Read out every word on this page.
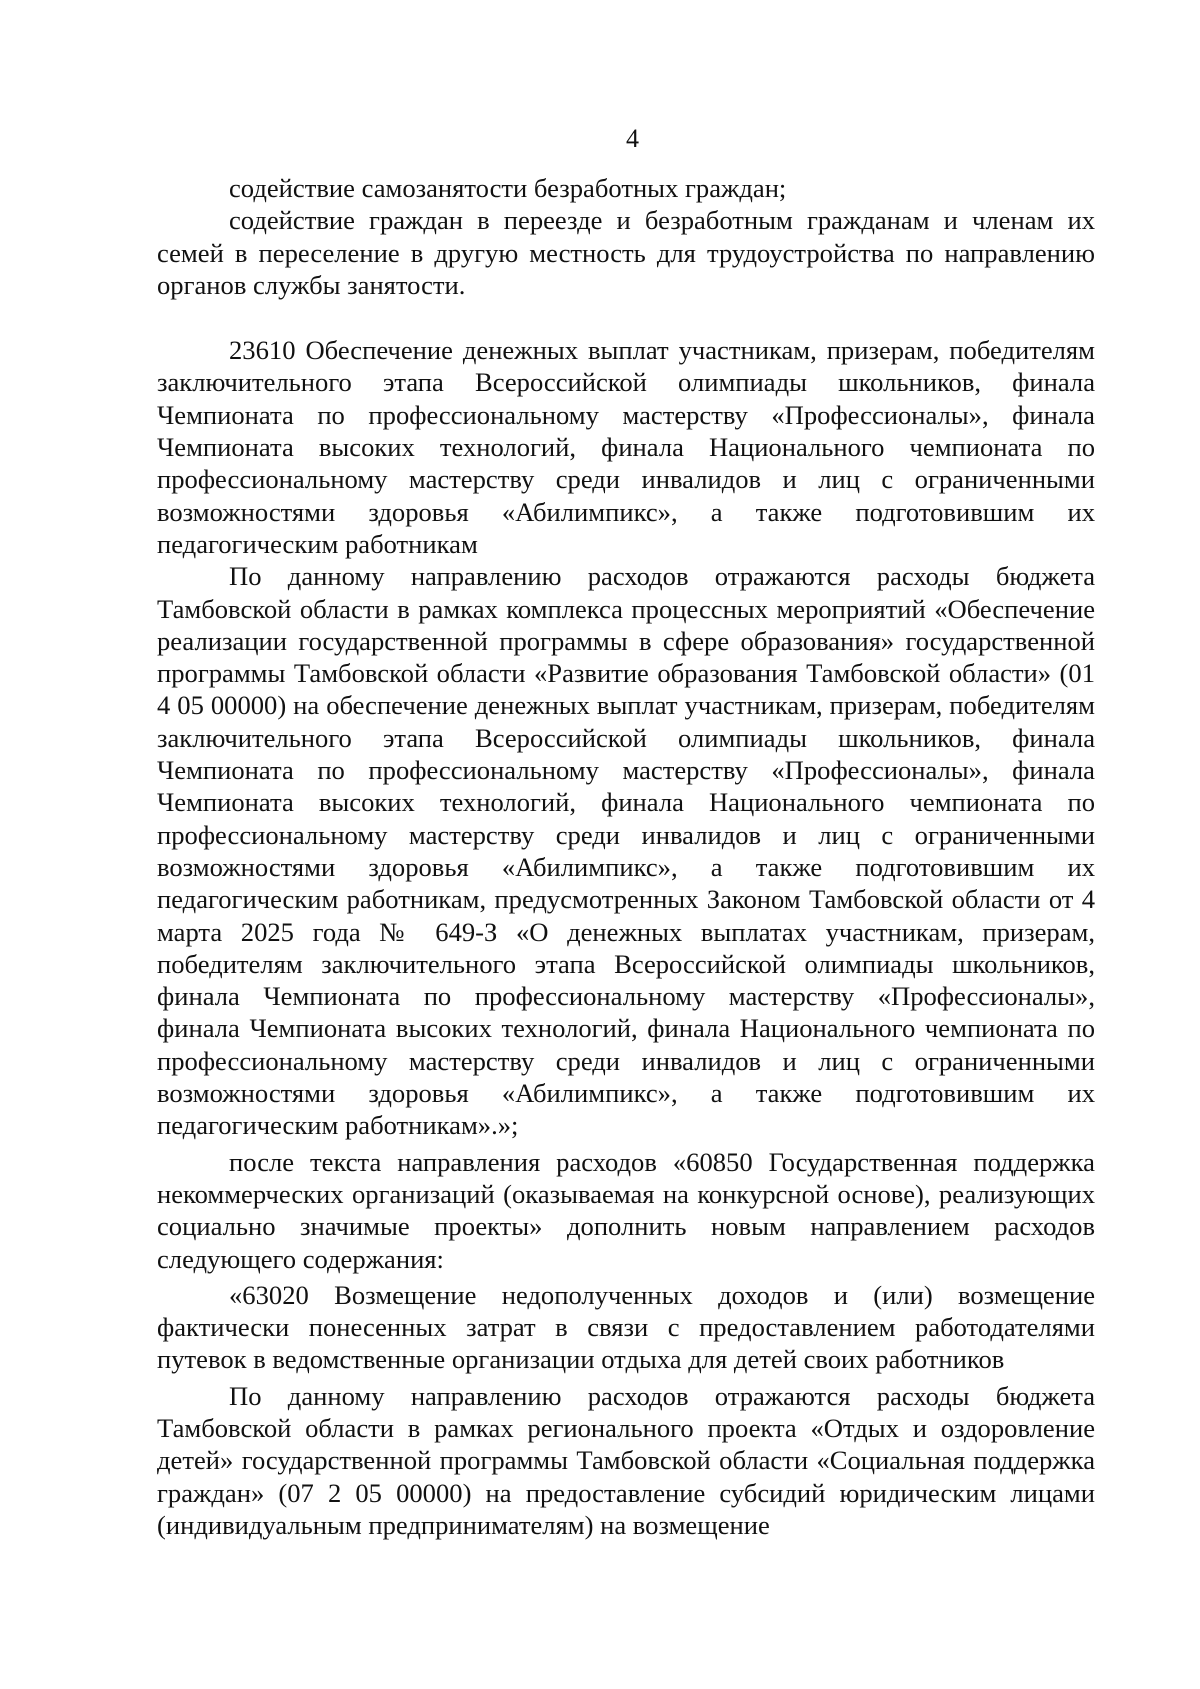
4

содействие самозанятости безработных граждан;

содействие граждан в переезде и безработным гражданам и членам их семей в переселение в другую местность для трудоустройства по направлению органов службы занятости.

23610 Обеспечение денежных выплат участникам, призерам, победителям заключительного этапа Всероссийской олимпиады школьников, финала Чемпионата по профессиональному мастерству «Профессионалы», финала Чемпионата высоких технологий, финала Национального чемпионата по профессиональному мастерству среди инвалидов и лиц с ограниченными возможностями здоровья «Абилимпикс», а также подготовившим их педагогическим работникам

По данному направлению расходов отражаются расходы бюджета Тамбовской области в рамках комплекса процессных мероприятий «Обеспечение реализации государственной программы в сфере образования» государственной программы Тамбовской области «Развитие образования Тамбовской области» (01 4 05 00000) на обеспечение денежных выплат участникам, призерам, победителям заключительного этапа Всероссийской олимпиады школьников, финала Чемпионата по профессиональному мастерству «Профессионалы», финала Чемпионата высоких технологий, финала Национального чемпионата по профессиональному мастерству среди инвалидов и лиц с ограниченными возможностями здоровья «Абилимпикс», а также подготовившим их педагогическим работникам, предусмотренных Законом Тамбовской области от 4 марта 2025 года № 649-З «О денежных выплатах участникам, призерам, победителям заключительного этапа Всероссийской олимпиады школьников, финала Чемпионата по профессиональному мастерству «Профессионалы», финала Чемпионата высоких технологий, финала Национального чемпионата по профессиональному мастерству среди инвалидов и лиц с ограниченными возможностями здоровья «Абилимпикс», а также подготовившим их педагогическим работникам».»;

после текста направления расходов «60850 Государственная поддержка некоммерческих организаций (оказываемая на конкурсной основе), реализующих социально значимые проекты» дополнить новым направлением расходов следующего содержания:

«63020 Возмещение недополученных доходов и (или) возмещение фактически понесенных затрат в связи с предоставлением работодателями путевок в ведомственные организации отдыха для детей своих работников

По данному направлению расходов отражаются расходы бюджета Тамбовской области в рамках регионального проекта «Отдых и оздоровление детей» государственной программы Тамбовской области «Социальная поддержка граждан» (07 2 05 00000) на предоставление субсидий юридическим лицами (индивидуальным предпринимателям) на возмещение
